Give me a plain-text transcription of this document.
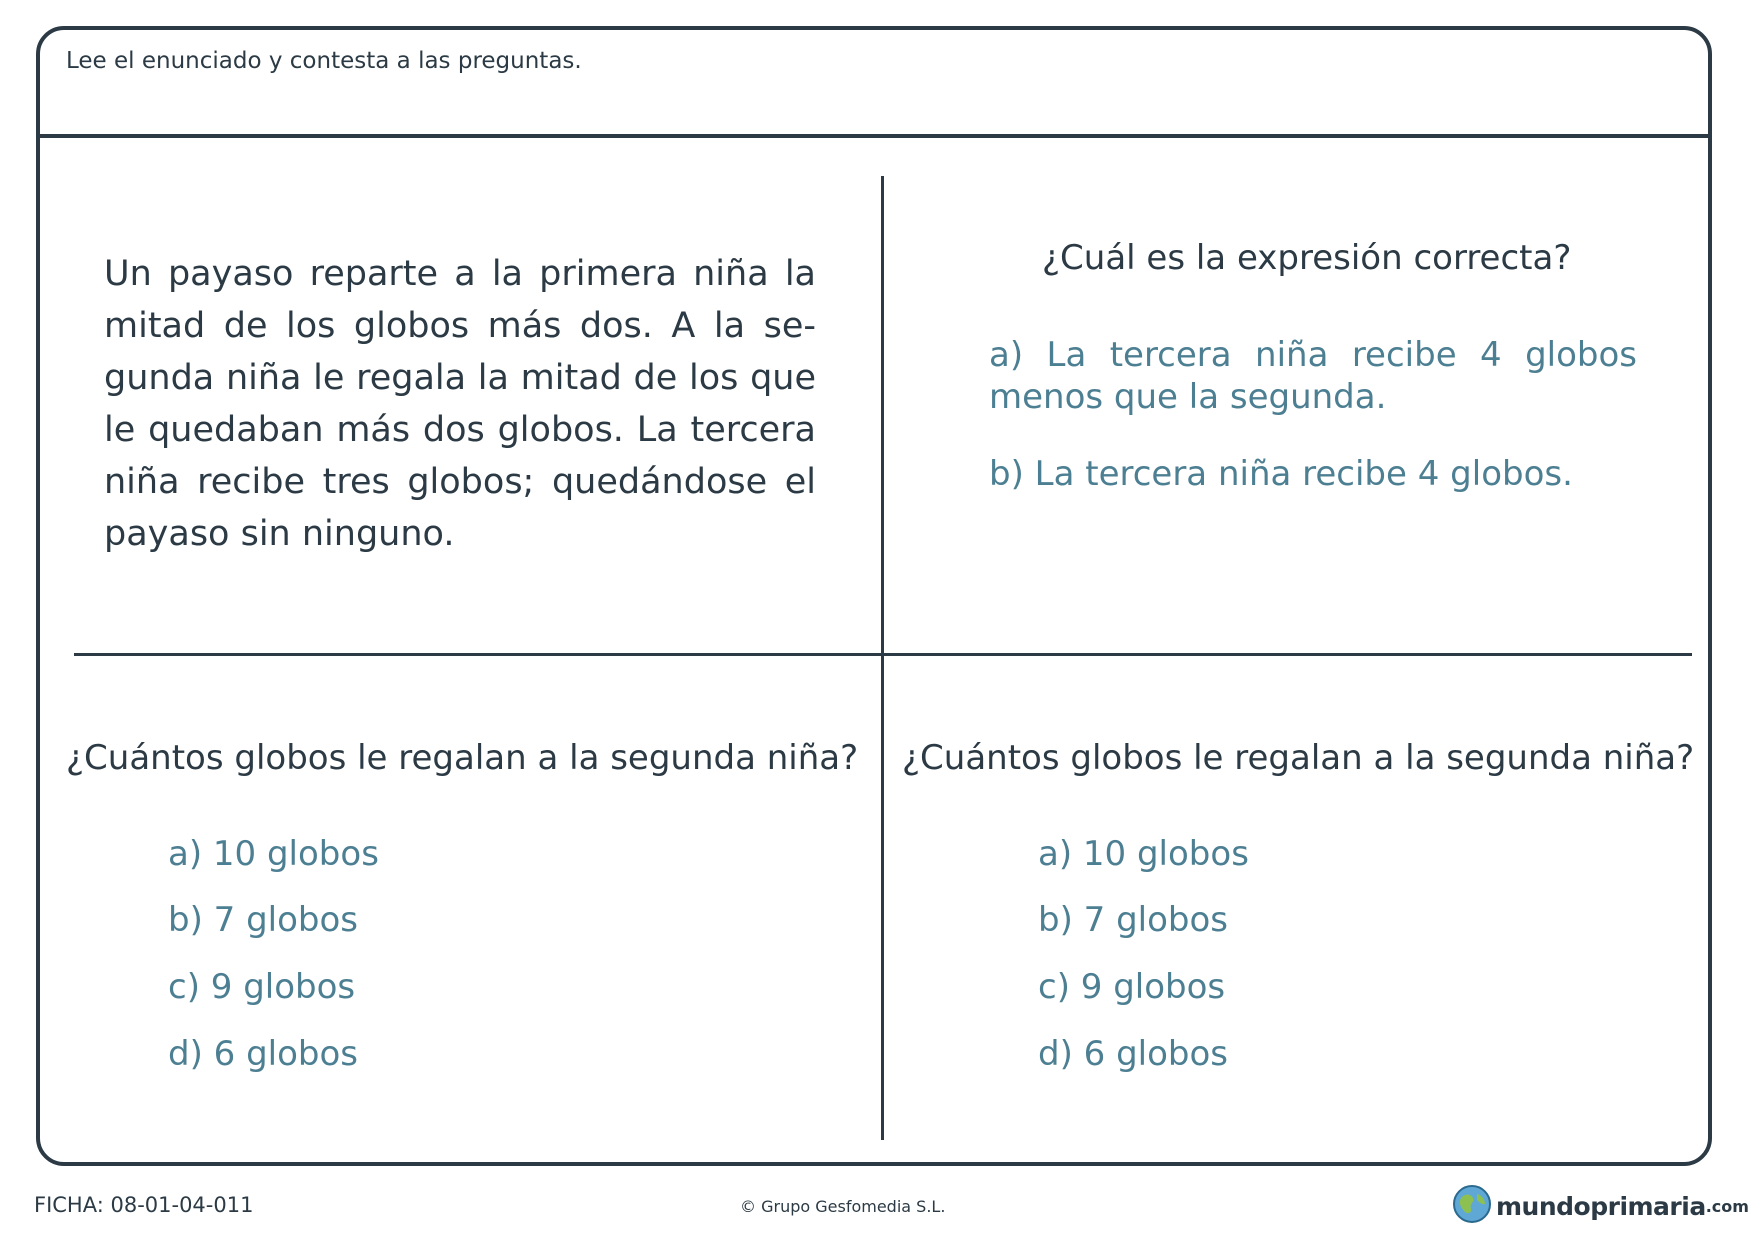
Lee el enunciado y contesta a las preguntas.
Un payaso reparte a la primera niña la mitad de los globos más dos. A la se-gunda niña le regala la mitad de los que le quedaban más dos globos. La tercera niña recibe tres globos; quedándose el payaso sin ninguno.
¿Cuál es la expresión correcta?
a) La tercera niña recibe 4 globos menos que la segunda.
b) La tercera niña recibe 4 globos.
¿Cuántos globos le regalan a la segunda niña?
a) 10 globos
b) 7 globos
c) 9 globos
d) 6 globos
¿Cuántos globos le regalan a la segunda niña?
a) 10 globos
b) 7 globos
c) 9 globos
d) 6 globos
FICHA: 08-01-04-011	© Grupo Gesfomedia S.L.	mundoprimaria .com
